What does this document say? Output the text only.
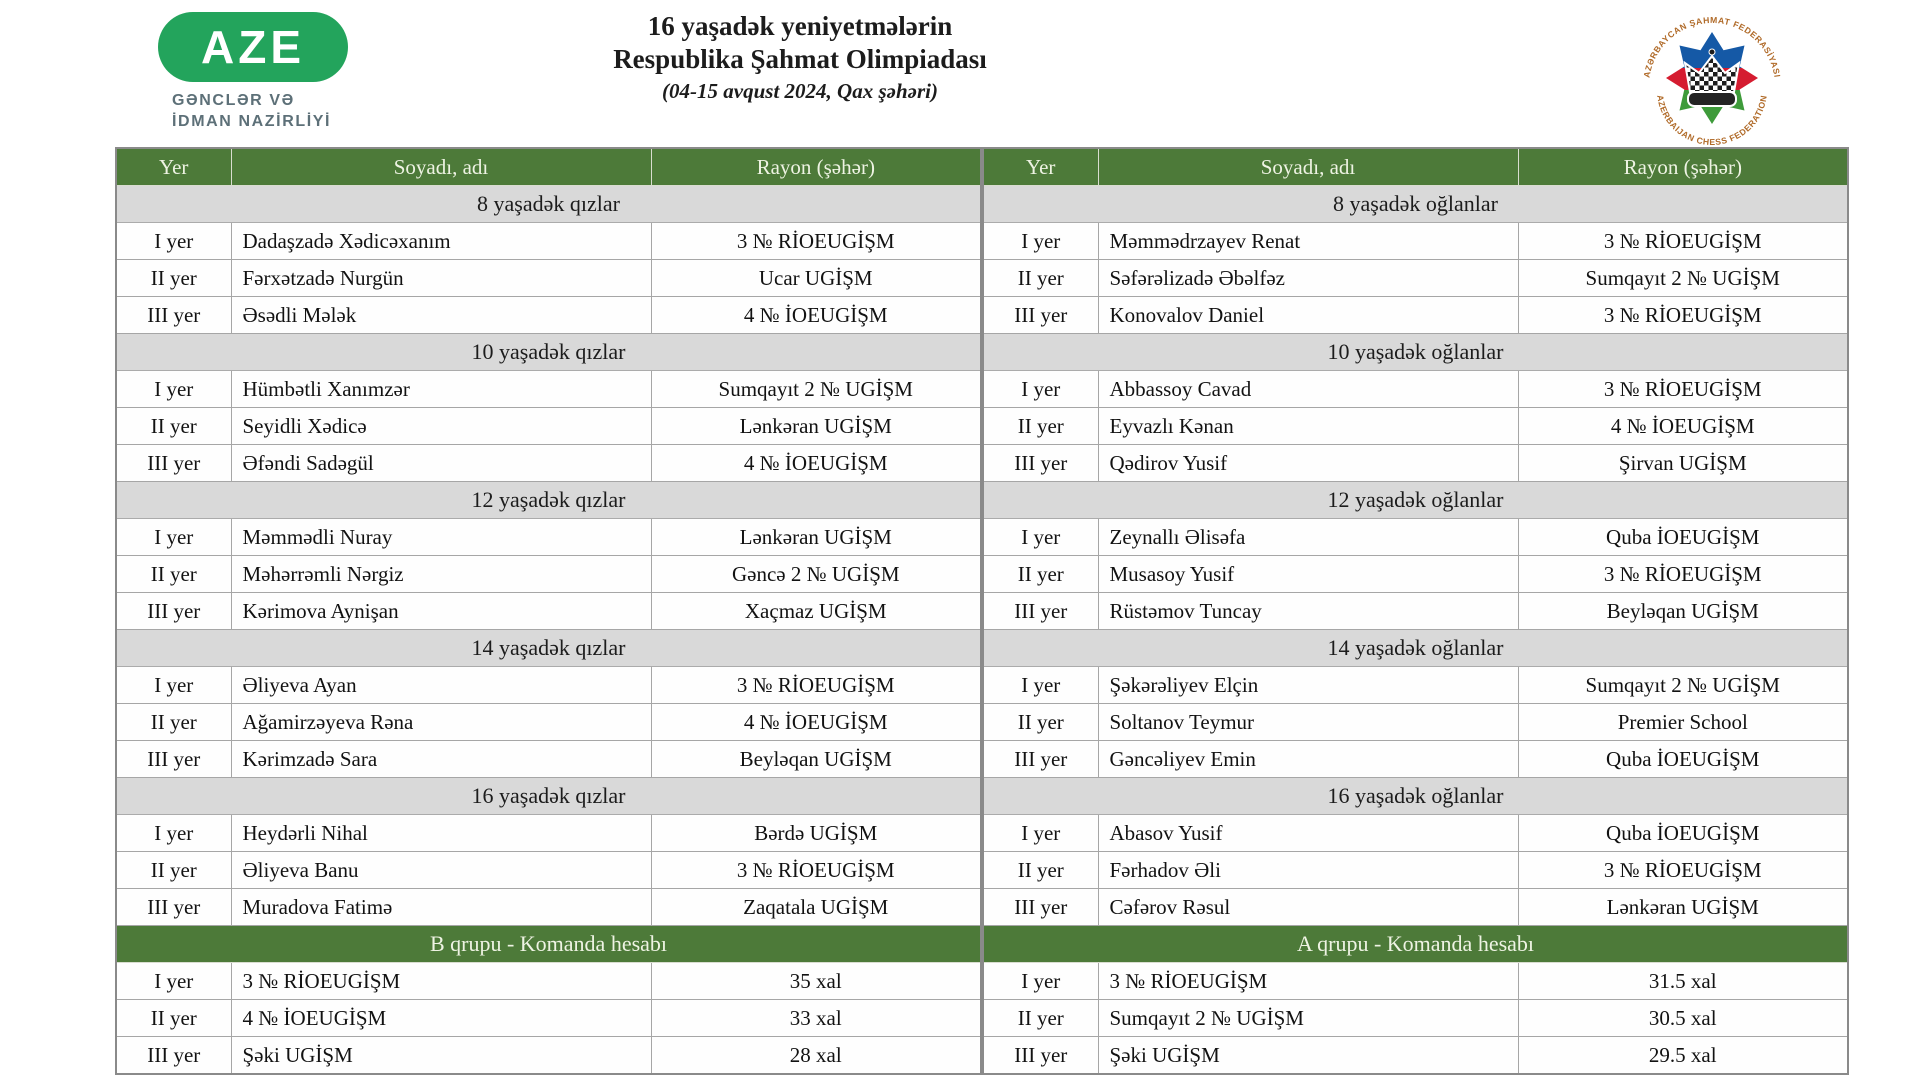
AZE
GƏNCLƏR VƏ
İDMAN NAZİRLİYİ
16 yaşadək yeniyetmələrin
Respublika Şahmat Olimpiadası
(04-15 avqust 2024, Qax şəhəri)
AZƏRBAYCAN ŞAHMAT FEDERASİYASI
AZERBAIJAN CHESS FEDERATION
Yer	Soyadı, adı	Rayon (şəhər)
8 yaşadək qızlar		
I yer	Dadaşzadə Xədicəxanım	3 № RİOEUGİŞM
II yer	Fərxətzadə Nurgün	Ucar UGİŞM
III yer	Əsədli Mələk	4 № İOEUGİŞM
10 yaşadək qızlar		
I yer	Hümbətli Xanımzər	Sumqayıt 2 № UGİŞM
II yer	Seyidli Xədicə	Lənkəran UGİŞM
III yer	Əfəndi Sadəgül	4 № İOEUGİŞM
12 yaşadək qızlar		
I yer	Məmmədli Nuray	Lənkəran UGİŞM
II yer	Məhərrəmli Nərgiz	Gəncə 2 № UGİŞM
III yer	Kərimova Aynişan	Xaçmaz UGİŞM
14 yaşadək qızlar		
I yer	Əliyeva Ayan	3 № RİOEUGİŞM
II yer	Ağamirzəyeva Rəna	4 № İOEUGİŞM
III yer	Kərimzadə Sara	Beyləqan UGİŞM
16 yaşadək qızlar		
I yer	Heydərli Nihal	Bərdə UGİŞM
II yer	Əliyeva Banu	3 № RİOEUGİŞM
III yer	Muradova Fatimə	Zaqatala UGİŞM
B qrupu - Komanda hesabı		
I yer	3 № RİOEUGİŞM	35 xal
II yer	4 № İOEUGİŞM	33 xal
III yer	Şəki UGİŞM	28 xal
Yer	Soyadı, adı	Rayon (şəhər)
8 yaşadək oğlanlar		
I yer	Məmmədrzayev Renat	3 № RİOEUGİŞM
II yer	Səfərəlizadə Əbəlfəz	Sumqayıt 2 № UGİŞM
III yer	Konovalov Daniel	3 № RİOEUGİŞM
10 yaşadək oğlanlar		
I yer	Abbassoy Cavad	3 № RİOEUGİŞM
II yer	Eyvazlı Kənan	4 № İOEUGİŞM
III yer	Qədirov Yusif	Şirvan UGİŞM
12 yaşadək oğlanlar		
I yer	Zeynallı Əlisəfa	Quba İOEUGİŞM
II yer	Musasoy Yusif	3 № RİOEUGİŞM
III yer	Rüstəmov Tuncay	Beyləqan UGİŞM
14 yaşadək oğlanlar		
I yer	Şəkərəliyev Elçin	Sumqayıt 2 № UGİŞM
II yer	Soltanov Teymur	Premier School
III yer	Gəncəliyev Emin	Quba İOEUGİŞM
16 yaşadək oğlanlar		
I yer	Abasov Yusif	Quba İOEUGİŞM
II yer	Fərhadov Əli	3 № RİOEUGİŞM
III yer	Cəfərov Rəsul	Lənkəran UGİŞM
A qrupu - Komanda hesabı		
I yer	3 № RİOEUGİŞM	31.5 xal
II yer	Sumqayıt 2 № UGİŞM	30.5 xal
III yer	Şəki UGİŞM	29.5 xal
